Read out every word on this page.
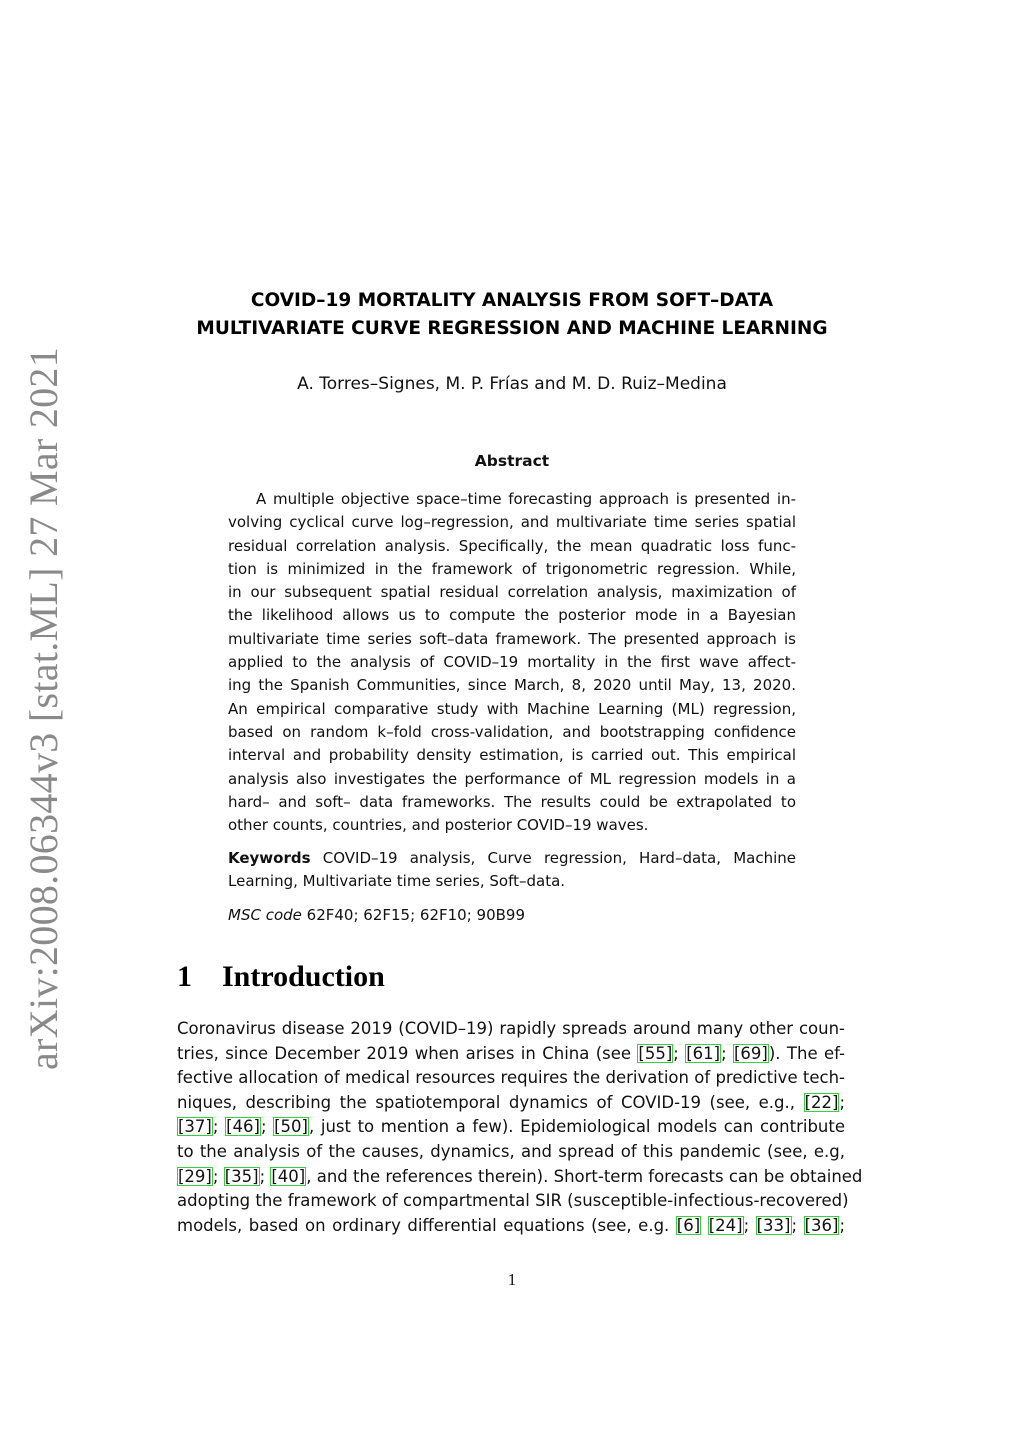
arXiv:2008.06344v3 [stat.ML] 27 Mar 2021
COVID–19 MORTALITY ANALYSIS FROM SOFT–DATA
MULTIVARIATE CURVE REGRESSION AND MACHINE LEARNING
A. Torres–Signes, M. P. Frías and M. D. Ruiz–Medina
Abstract
A multiple objective space–time forecasting approach is presented in-
volving cyclical curve log–regression, and multivariate time series spatial
residual correlation analysis. Specifically, the mean quadratic loss func-
tion is minimized in the framework of trigonometric regression. While,
in our subsequent spatial residual correlation analysis, maximization of
the likelihood allows us to compute the posterior mode in a Bayesian
multivariate time series soft–data framework. The presented approach is
applied to the analysis of COVID–19 mortality in the first wave affect-
ing the Spanish Communities, since March, 8, 2020 until May, 13, 2020.
An empirical comparative study with Machine Learning (ML) regression,
based on random k–fold cross-validation, and bootstrapping confidence
interval and probability density estimation, is carried out. This empirical
analysis also investigates the performance of ML regression models in a
hard– and soft– data frameworks. The results could be extrapolated to
other counts, countries, and posterior COVID–19 waves.
Keywords COVID–19 analysis, Curve regression, Hard–data, Machine
Learning, Multivariate time series, Soft–data.
MSC code 62F40; 62F15; 62F10; 90B99
1 Introduction
Coronavirus disease 2019 (COVID–19) rapidly spreads around many other coun-
tries, since December 2019 when arises in China (see [55]; [61]; [69]). The ef-
fective allocation of medical resources requires the derivation of predictive tech-
niques, describing the spatiotemporal dynamics of COVID-19 (see, e.g., [22];
[37]; [46]; [50], just to mention a few). Epidemiological models can contribute
to the analysis of the causes, dynamics, and spread of this pandemic (see, e.g,
[29]; [35]; [40], and the references therein). Short-term forecasts can be obtained
adopting the framework of compartmental SIR (susceptible-infectious-recovered)
models, based on ordinary differential equations (see, e.g. [6] [24]; [33]; [36];
1
